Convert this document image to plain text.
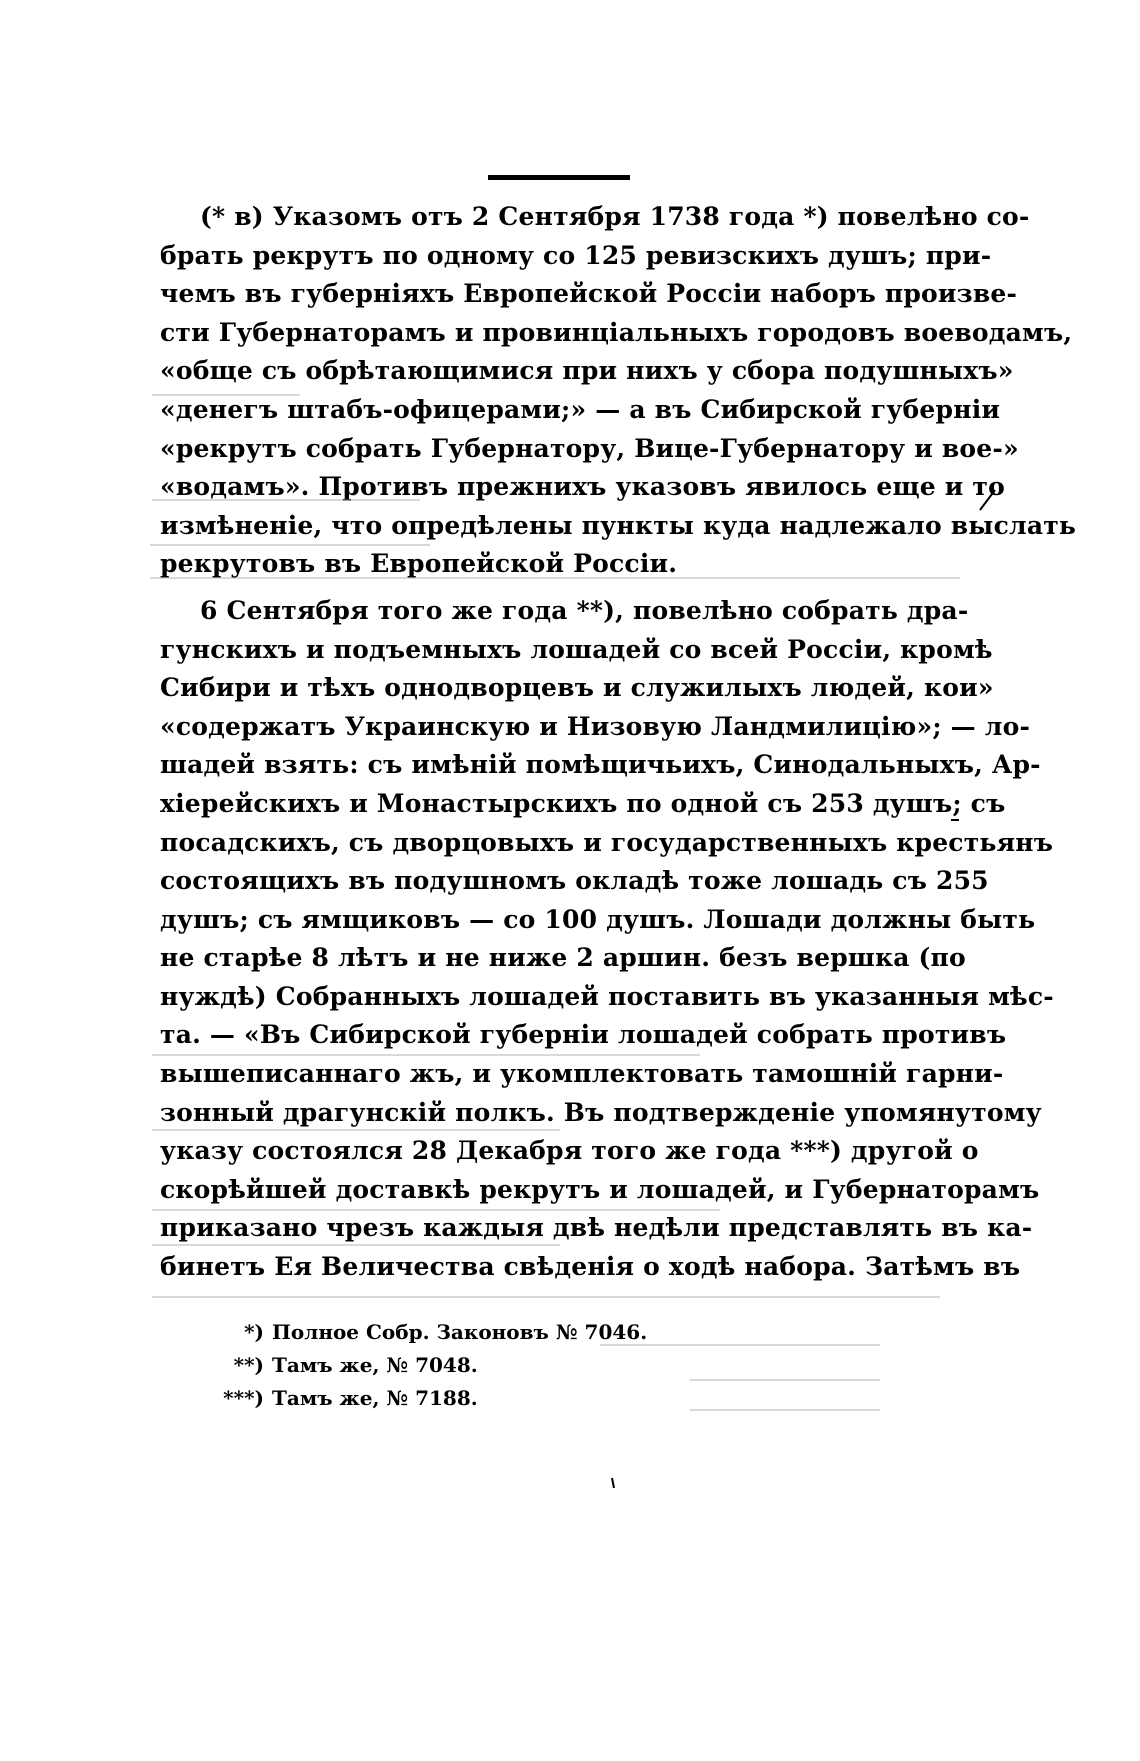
(* в) Указомъ отъ 2 Сентября 1738 года *) повелѣно со-
брать рекрутъ по одному со 125 ревизскихъ душъ; при-
чемъ въ губерніяхъ Европейской Россіи наборъ произве-
сти Губернаторамъ и провинціальныхъ городовъ воеводамъ,
«общe съ обрѣтающимися при нихъ у сбора подушныхъ»
«денегъ штабъ-офицерами;» — а въ Сибирской губерніи
«рекрутъ собрать Губернатору, Вице-Губернатору и вое-»
«водамъ». Противъ прежнихъ указовъ явилось еще и то
измѣненіе, что опредѣлены пункты куда надлежало выслать
рекрутовъ въ Европейской Россіи.
6 Сентября того же года **), повелѣно собрать дра-
гунскихъ и подъемныхъ лошадей со всей Россіи, кромѣ
Сибири и тѣхъ однодворцевъ и служилыхъ людей, кои»
«содержатъ Украинскую и Низовую Ландмилицію»; — ло-
шадей взять: съ имѣній помѣщичьихъ, Синодальныхъ, Ар-
хіерейскихъ и Монастырскихъ по одной съ 253 душъ; съ
посадскихъ, съ дворцовыхъ и государственныхъ крестьянъ
состоящихъ въ подушномъ окладѣ тоже лошадь съ 255
душъ; съ ямщиковъ — со 100 душъ. Лошади должны быть
не старѣе 8 лѣтъ и не ниже 2 аршин. безъ вершка (по
нуждѣ) Собранныхъ лошадей поставить въ указанныя мѣс-
та. — «Въ Сибирской губерніи лошадей собрать противъ
вышеписаннаго жъ, и укомплектовать тамошній гарни-
зонный драгунскій полкъ. Въ подтвержденіе упомянутому
указу состоялся 28 Декабря того же года ***) другой о
скорѣйшей доставкѣ рекрутъ и лошадей, и Губернаторамъ
приказано чрезъ каждыя двѣ недѣли представлять въ ка-
бинетъ Ея Величества свѣденія о ходѣ набора. Затѣмъ въ
*) Полное Собр. Законовъ № 7046.
**) Тамъ же, № 7048.
***) Тамъ же, № 7188.
